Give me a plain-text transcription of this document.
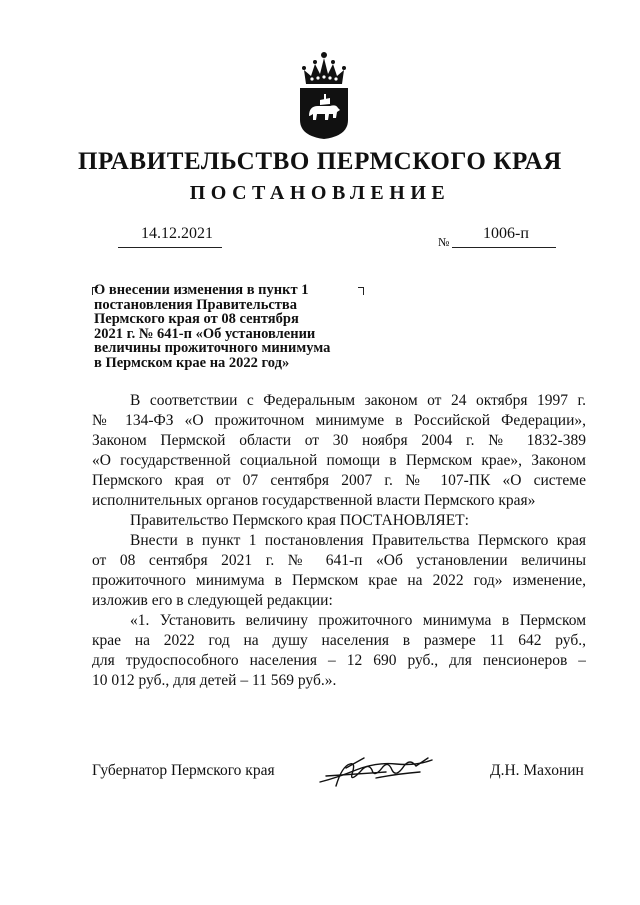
ПРАВИТЕЛЬСТВО ПЕРМСКОГО КРАЯ
ПОСТАНОВЛЕНИЕ
14.12.2021	№ 1006-п
О внесении изменения в пункт 1
постановления Правительства
Пермского края от 08 сентября
2021 г. № 641-п «Об установлении
величины прожиточного минимума
в Пермском крае на 2022 год»
В соответствии с Федеральным законом от 24 октября 1997 г.
№ 134-ФЗ «О прожиточном минимуме в Российской Федерации»,
Законом Пермской области от 30 ноября 2004 г. № 1832-389
«О государственной социальной помощи в Пермском крае», Законом
Пермского края от 07 сентября 2007 г. № 107-ПК «О системе
исполнительных органов государственной власти Пермского края»
Правительство Пермского края ПОСТАНОВЛЯЕТ:
Внести в пункт 1 постановления Правительства Пермского края
от 08 сентября 2021 г. № 641-п «Об установлении величины
прожиточного минимума в Пермском крае на 2022 год» изменение,
изложив его в следующей редакции:
«1. Установить величину прожиточного минимума в Пермском
крае на 2022 год на душу населения в размере 11 642 руб.,
для трудоспособного населения – 12 690 руб., для пенсионеров –
10 012 руб., для детей – 11 569 руб.».
Губернатор Пермского края	Д.Н. Махонин
